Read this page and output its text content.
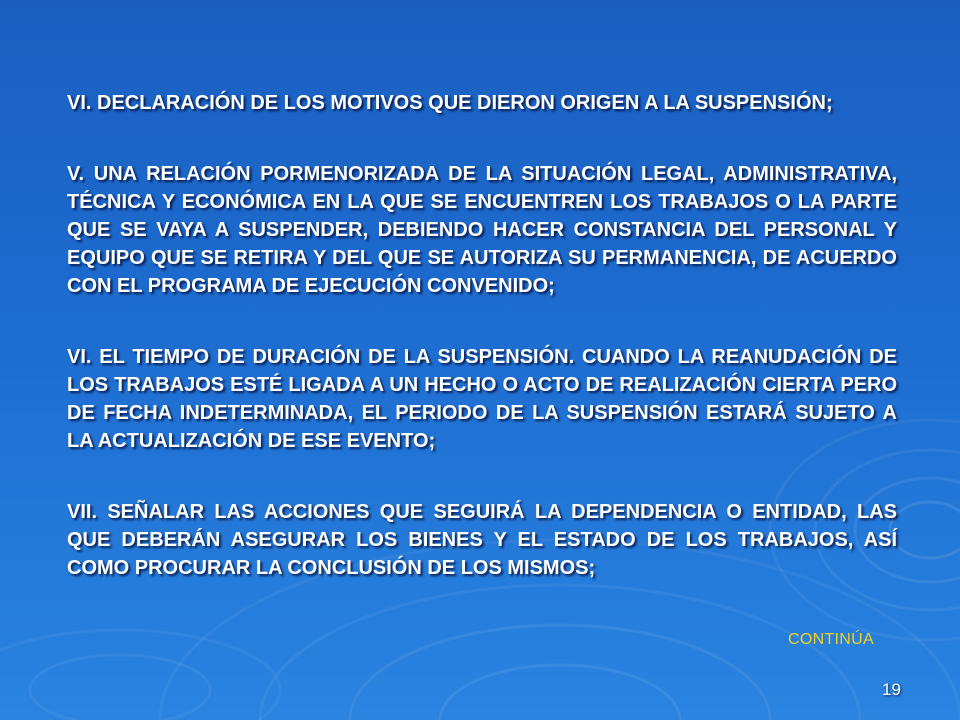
VI. DECLARACIÓN DE LOS MOTIVOS QUE DIERON ORIGEN A LA SUSPENSIÓN;

V. UNA RELACIÓN PORMENORIZADA DE LA SITUACIÓN LEGAL, ADMINISTRATIVA, TÉCNICA Y ECONÓMICA EN LA QUE SE ENCUENTREN LOS TRABAJOS O LA PARTE QUE SE VAYA A SUSPENDER, DEBIENDO HACER CONSTANCIA DEL PERSONAL Y EQUIPO QUE SE RETIRA Y DEL QUE SE AUTORIZA SU PERMANENCIA, DE ACUERDO CON EL PROGRAMA DE EJECUCIÓN CONVENIDO;

VI. EL TIEMPO DE DURACIÓN DE LA SUSPENSIÓN. CUANDO LA REANUDACIÓN DE LOS TRABAJOS ESTÉ LIGADA A UN HECHO O ACTO DE REALIZACIÓN CIERTA PERO DE FECHA INDETERMINADA, EL PERIODO DE LA SUSPENSIÓN ESTARÁ SUJETO A LA ACTUALIZACIÓN DE ESE EVENTO;

VII. SEÑALAR LAS ACCIONES QUE SEGUIRÁ LA DEPENDENCIA O ENTIDAD, LAS QUE DEBERÁN ASEGURAR LOS BIENES Y EL ESTADO DE LOS TRABAJOS, ASÍ COMO PROCURAR LA CONCLUSIÓN DE LOS MISMOS;

CONTINÚA
19
